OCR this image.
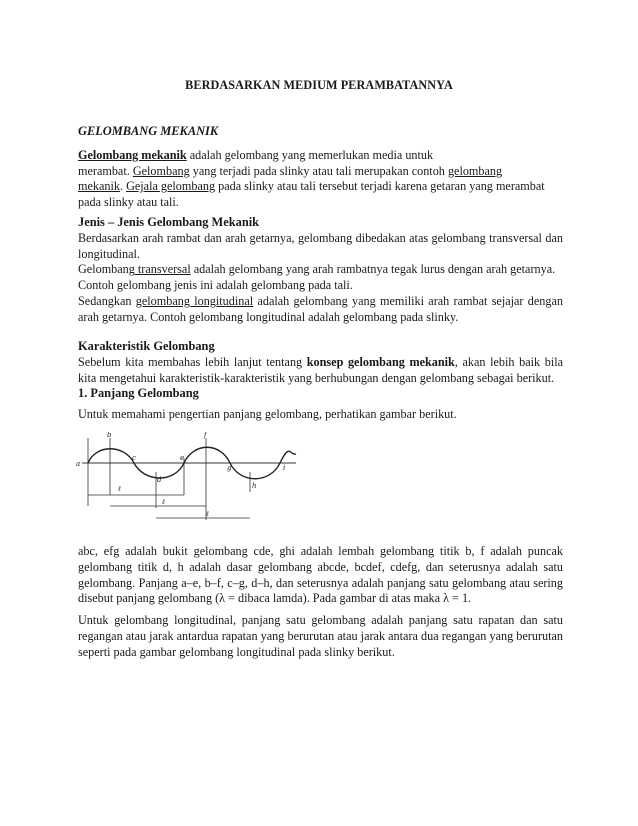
BERDASARKAN MEDIUM PERAMBATANNYA

GELOMBANG MEKANIK

Gelombang mekanik adalah gelombang yang memerlukan media untuk
merambat. Gelombang yang terjadi pada slinky atau tali merupakan contoh gelombang
mekanik. Gejala gelombang pada slinky atau tali tersebut terjadi karena getaran yang merambat
pada slinky atau tali.

Jenis – Jenis Gelombang Mekanik

Berdasarkan arah rambat dan arah getarnya, gelombang dibedakan atas gelombang transversal dan longitudinal.

Gelombang transversal adalah gelombang yang arah rambatnya tegak lurus dengan arah getarnya.

Contoh gelombang jenis ini adalah gelombang pada tali.

Sedangkan gelombang longitudinal adalah gelombang yang memiliki arah rambat sejajar dengan arah getarnya. Contoh gelombang longitudinal adalah gelombang pada slinky.

Karakteristik Gelombang

Sebelum kita membahas lebih lanjut tentang konsep gelombang mekanik, akan lebih baik bila kita mengetahui karakteristik-karakteristik yang berhubungan dengan gelombang sebagai berikut.

1. Panjang Gelombang

Untuk memahami pengertian panjang gelombang, perhatikan gambar berikut.

a
b
c
d
e
f
g
h
i
ℓ
ℓ
ℓ

abc, efg adalah bukit gelombang cde, ghi adalah lembah gelombang titik b, f adalah puncak gelombang titik d, h adalah dasar gelombang abcde, bcdef, cdefg, dan seterusnya adalah satu gelombang. Panjang a–e, b–f, c–g, d–h, dan seterusnya adalah panjang satu gelombang atau sering disebut panjang gelombang (λ = dibaca lamda). Pada gambar di atas maka λ = 1.

Untuk gelombang longitudinal, panjang satu gelombang adalah panjang satu rapatan dan satu regangan atau jarak antardua rapatan yang berurutan atau jarak antara dua regangan yang berurutan seperti pada gambar gelombang longitudinal pada slinky berikut.
